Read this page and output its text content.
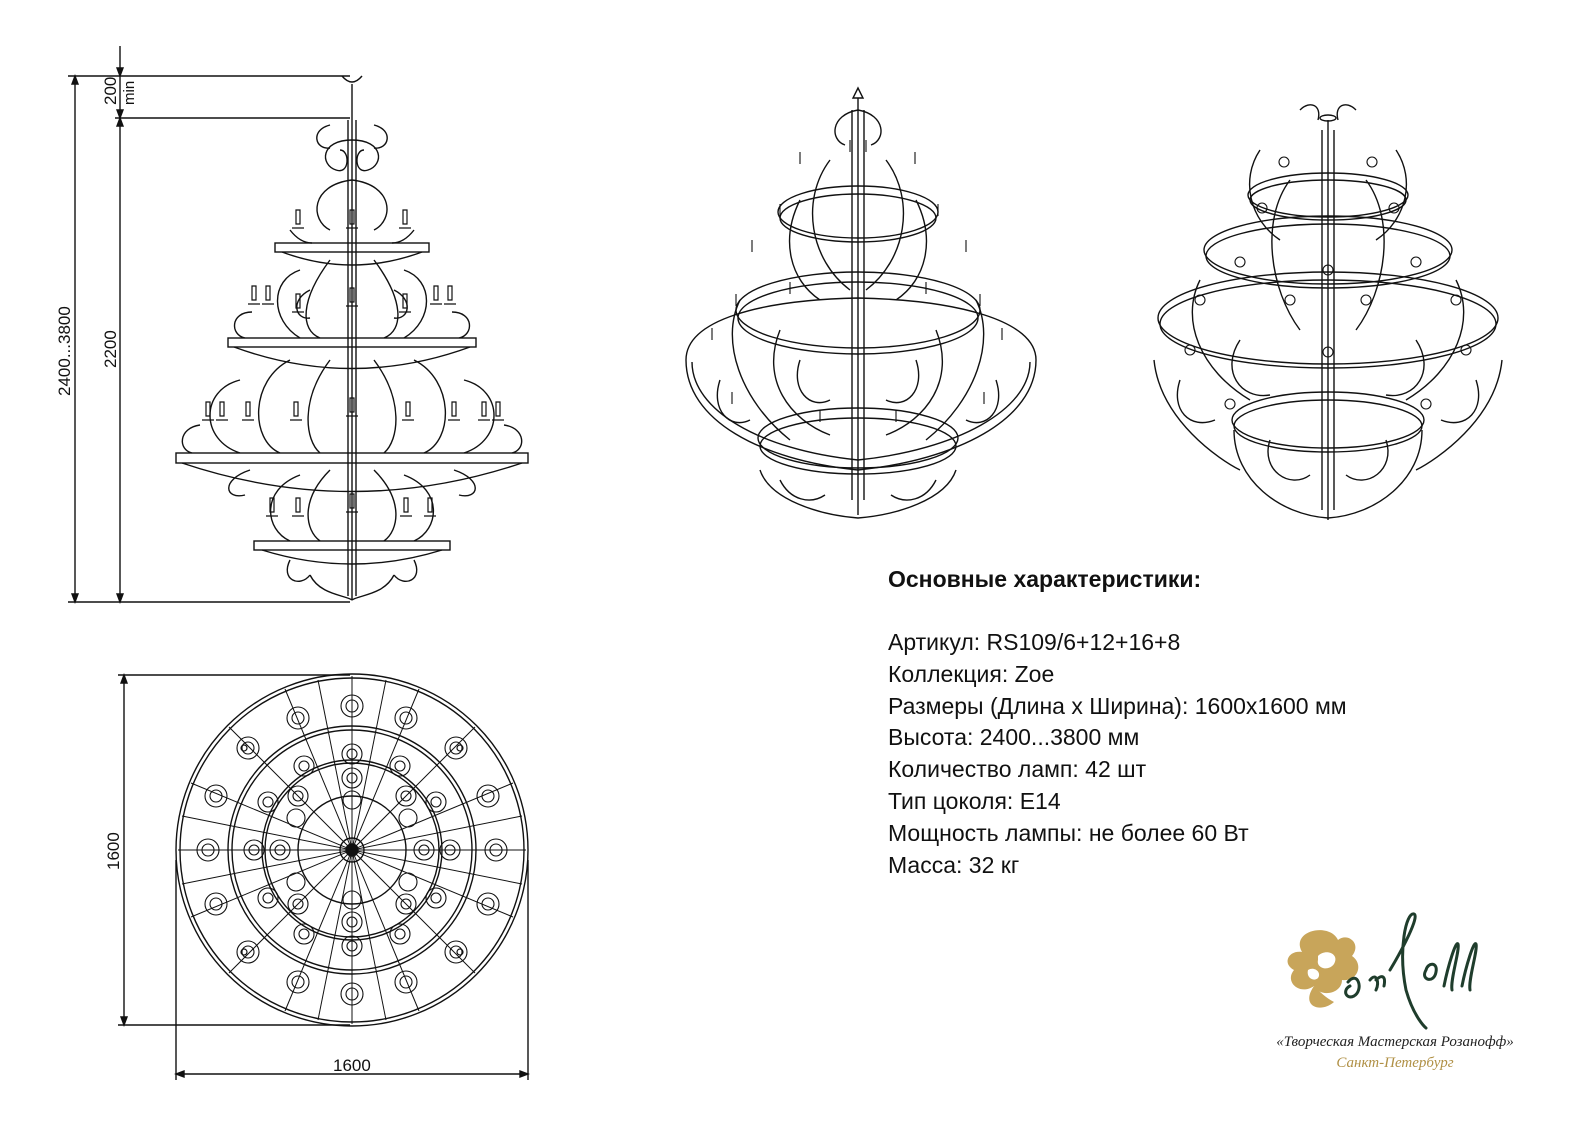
200 min
2200
2400...3800
1600
1600
Основные характеристики:
Артикул: RS109/6+12+16+8
Коллекция: Zoe
Размеры (Длина х Ширина): 1600х1600 мм
Высота: 2400...3800 мм
Количество ламп: 42 шт
Тип цоколя: E14
Мощность лампы: не более 60 Вт
Масса: 32 кг
«Творческая Мастерская Розанофф»
Санкт-Петербург
